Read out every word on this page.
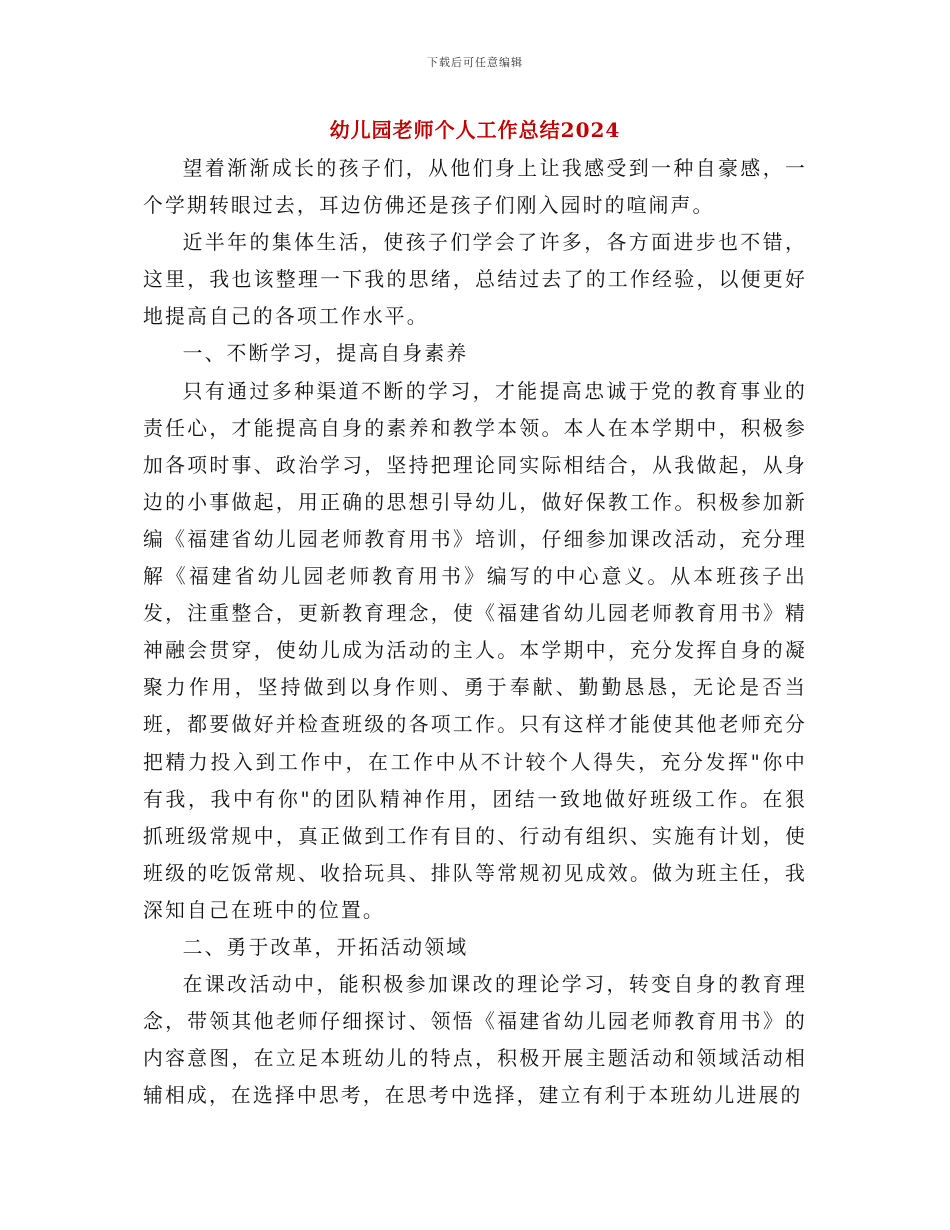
下载后可任意编辑
幼儿园老师个人工作总结2024

望着渐渐成长的孩子们，从他们身上让我感受到一种自豪感，一个学期转眼过去，耳边仿佛还是孩子们刚入园时的喧闹声。

近半年的集体生活，使孩子们学会了许多，各方面进步也不错，这里，我也该整理一下我的思绪，总结过去了的工作经验，以便更好地提高自己的各项工作水平。

一、不断学习，提高自身素养

只有通过多种渠道不断的学习，才能提高忠诚于党的教育事业的责任心，才能提高自身的素养和教学本领。本人在本学期中，积极参加各项时事、政治学习，坚持把理论同实际相结合，从我做起，从身边的小事做起，用正确的思想引导幼儿，做好保教工作。积极参加新编《福建省幼儿园老师教育用书》培训，仔细参加课改活动，充分理解《福建省幼儿园老师教育用书》编写的中心意义。从本班孩子出发，注重整合，更新教育理念，使《福建省幼儿园老师教育用书》精神融会贯穿，使幼儿成为活动的主人。本学期中，充分发挥自身的凝聚力作用，坚持做到以身作则、勇于奉献、勤勤恳恳，无论是否当班，都要做好并检查班级的各项工作。只有这样才能使其他老师充分把精力投入到工作中，在工作中从不计较个人得失，充分发挥"你中有我，我中有你"的团队精神作用，团结一致地做好班级工作。在狠抓班级常规中，真正做到工作有目的、行动有组织、实施有计划，使班级的吃饭常规、收拾玩具、排队等常规初见成效。做为班主任，我深知自己在班中的位置。

二、勇于改革，开拓活动领域

在课改活动中，能积极参加课改的理论学习，转变自身的教育理念，带领其他老师仔细探讨、领悟《福建省幼儿园老师教育用书》的内容意图，在立足本班幼儿的特点，积极开展主题活动和领域活动相辅相成，在选择中思考，在思考中选择，建立有利于本班幼儿进展的
